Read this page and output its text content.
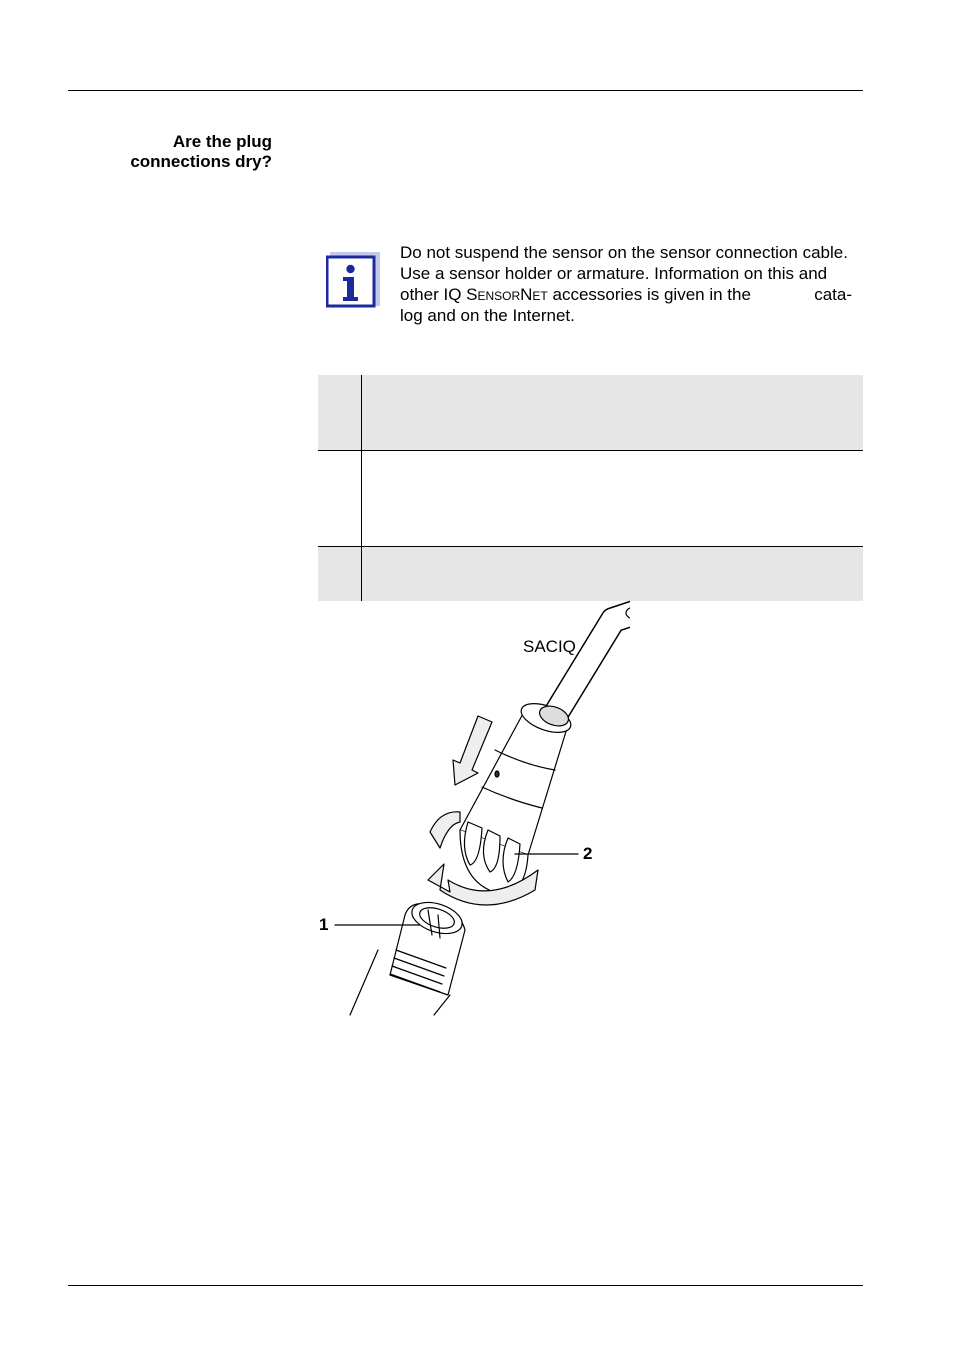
Are the plug
connections dry?
Do not suspend the sensor on the sensor connection cable.
Use a sensor holder or armature. Information on this and
other IQ SensorNet accessories is given in the	cata-
log and on the Internet.
SACIQ
1
2
